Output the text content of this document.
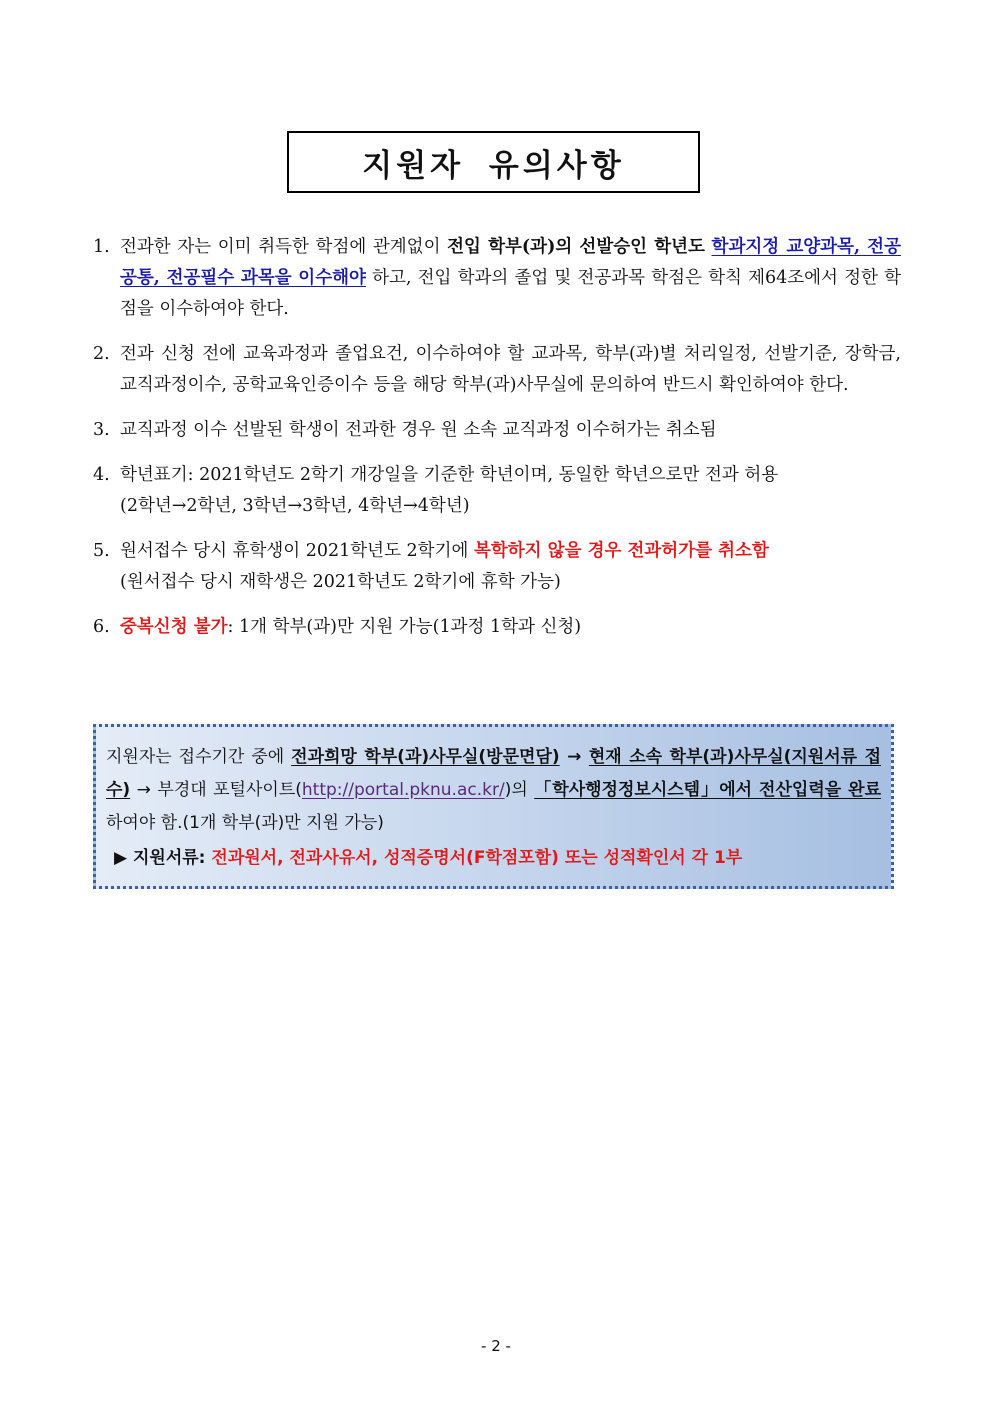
지원자 유의사항
1. 전과한 자는 이미 취득한 학점에 관계없이 전입 학부(과)의 선발승인 학년도 학과지정 교양과목, 전공공통, 전공필수 과목을 이수해야 하고, 전입 학과의 졸업 및 전공과목 학점은 학칙 제64조에서 정한 학점을 이수하여야 한다.
2. 전과 신청 전에 교육과정과 졸업요건, 이수하여야 할 교과목, 학부(과)별 처리일정, 선발기준, 장학금, 교직과정이수, 공학교육인증이수 등을 해당 학부(과)사무실에 문의하여 반드시 확인하여야 한다.
3. 교직과정 이수 선발된 학생이 전과한 경우 원 소속 교직과정 이수허가는 취소됨
4. 학년표기: 2021학년도 2학기 개강일을 기준한 학년이며, 동일한 학년으로만 전과 허용
(2학년→2학년, 3학년→3학년, 4학년→4학년)
5. 원서접수 당시 휴학생이 2021학년도 2학기에 복학하지 않을 경우 전과허가를 취소함
(원서접수 당시 재학생은 2021학년도 2학기에 휴학 가능)
6. 중복신청 불가: 1개 학부(과)만 지원 가능(1과정 1학과 신청)

지원자는 접수기간 중에 전과희망 학부(과)사무실(방문면담) → 현재 소속 학부(과)사무실(지원서류 접수) → 부경대 포털사이트(http://portal.pknu.ac.kr/)의 「학사행정정보시스템」에서 전산입력을 완료하여야 함.(1개 학부(과)만 지원 가능)

▶ 지원서류: 전과원서, 전과사유서, 성적증명서(F학점포함) 또는 성적확인서 각 1부

- 2 -
